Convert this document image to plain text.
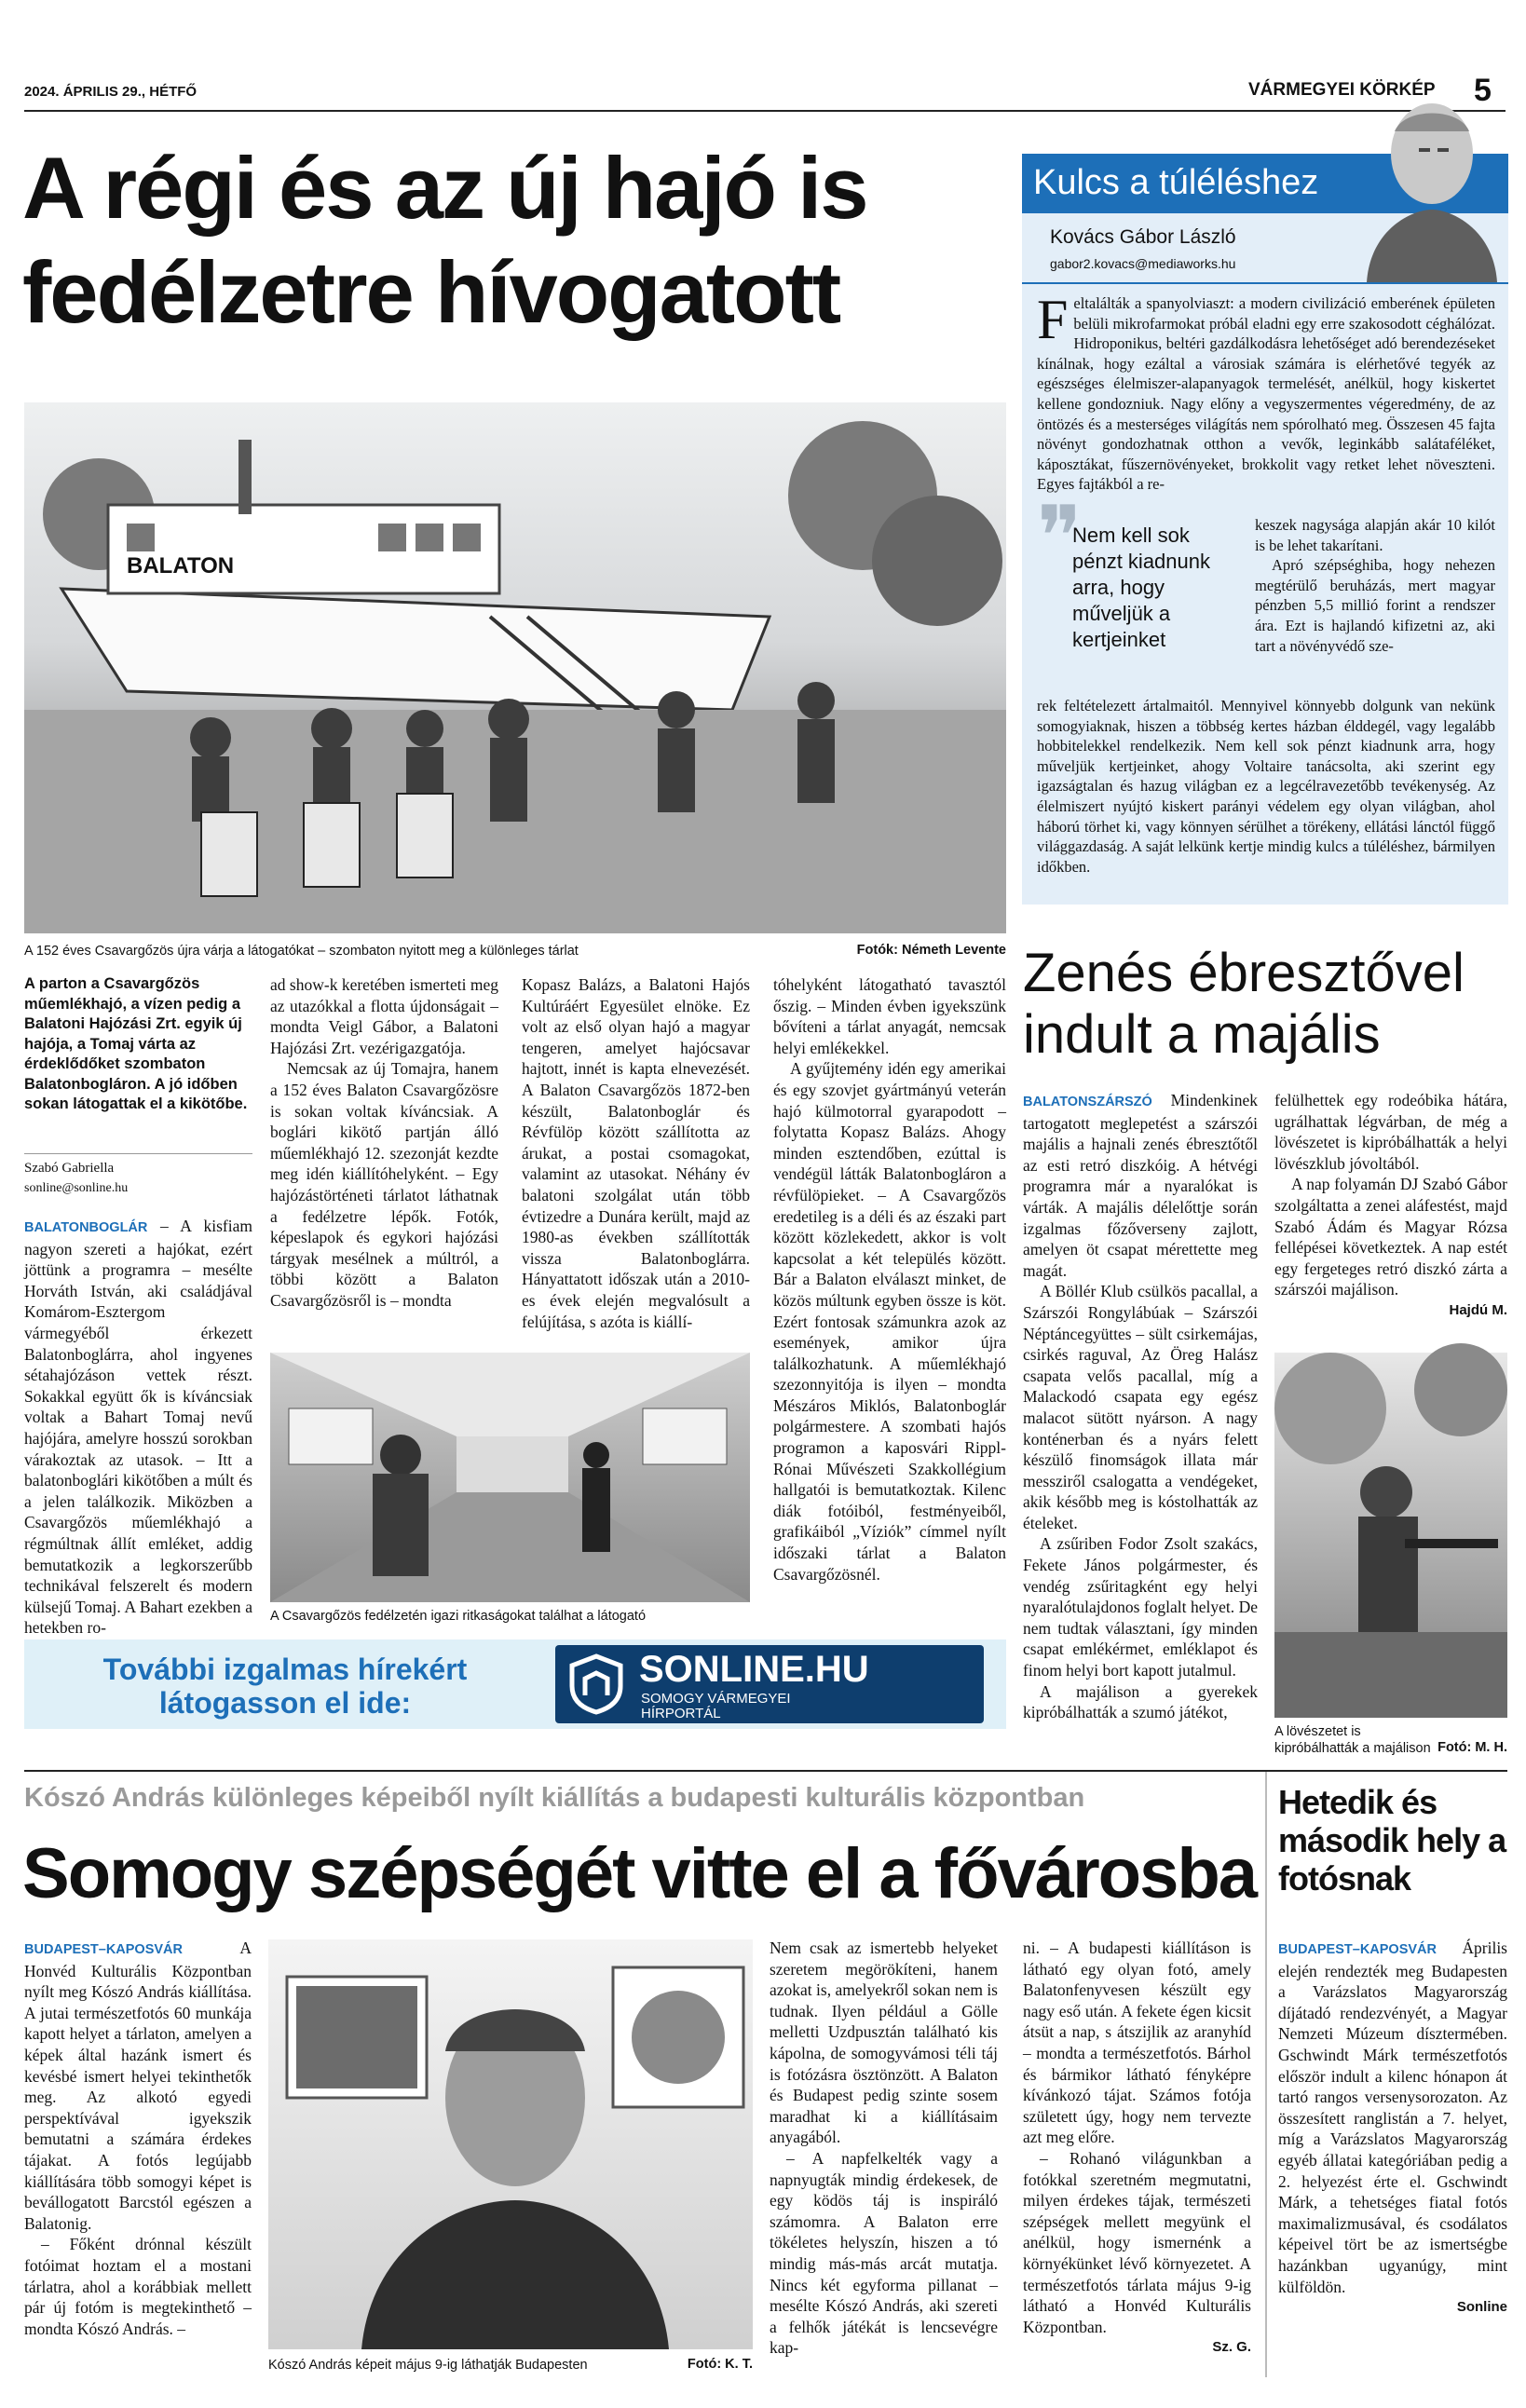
2024. ÁPRILIS 29., HÉTFŐ	VÁRMEGYEI KÖRKÉP 5
A régi és az új hajó is
fedélzetre hívogatott
BALATON
A 152 éves Csavargőzös újra várja a látogatókat – szombaton nyitott meg a különleges tárlat	Fotók: Németh Levente
A parton a Csavargőzös műemlékhajó, a vízen pedig a Balatoni Hajózási Zrt. egyik új hajója, a Tomaj várta az érdeklődőket szombaton Balatonbogláron. A jó időben sokan látogattak el a kikötőbe.
Szabó Gabriella
sonline@sonline.hu

BALATONBOGLÁR – A kisfiam nagyon szereti a hajókat, ezért jöttünk a programra – mesélte Horváth István, aki családjával Komárom-Esztergom vármegyéből érkezett Balatonboglárra, ahol ingyenes sétahajózáson vettek részt. Sokakkal együtt ők is kíváncsiak voltak a Bahart Tomaj nevű hajójára, amelyre hosszú sorokban várakoztak az utasok. – Itt a balatonboglári kikötőben a múlt és a jelen találkozik. Miközben a Csavargőzös műemlékhajó a régmúltnak állít emléket, addig bemutatkozik a legkorszerűbb technikával felszerelt és modern külsejű Tomaj. A Bahart ezekben a hetekben ro-

ad show-k keretében ismerteti meg az utazókkal a flotta újdonságait – mondta Veigl Gábor, a Balatoni Hajózási Zrt. vezérigazgatója.

Nemcsak az új Tomajra, hanem a 152 éves Balaton Csavargőzösre is sokan voltak kíváncsiak. A boglári kikötő partján álló műemlékhajó 12. szezonját kezdte meg idén kiállítóhelyként. – Egy hajózástörténeti tárlatot láthatnak a fedélzetre lépők. Fotók, képeslapok és egykori hajózási tárgyak mesélnek a múltról, a többi között a Balaton Csavargőzösről is – mondta

Kopasz Balázs, a Balatoni Hajós Kultúráért Egyesület elnöke. Ez volt az első olyan hajó a magyar tengeren, amelyet hajócsavar hajtott, innét is kapta elnevezését. A Balaton Csavargőzös 1872-ben készült, Balatonboglár és Révfülöp között szállította az árukat, a postai csomagokat, valamint az utasokat. Néhány év balatoni szolgálat után több évtizedre a Dunára került, majd az 1980-as években szállították vissza Balatonboglárra. Hányattatott időszak után a 2010-es évek elején megvalósult a felújítása, s azóta is kiállí-

tóhelyként látogatható tavasztól őszig. – Minden évben igyekszünk bővíteni a tárlat anyagát, nemcsak helyi emlékekkel.

A gyűjtemény idén egy amerikai és egy szovjet gyártmányú veterán hajó külmotorral gyarapodott – folytatta Kopasz Balázs. Ahogy minden esztendőben, ezúttal is vendégül látták Balatonbogláron a révfülöpieket. – A Csavargőzös eredetileg is a déli és az északi part között közlekedett, akkor is volt kapcsolat a két település között. Bár a Balaton elválaszt minket, de közös múltunk egyben össze is köt. Ezért fontosak számunkra azok az események, amikor újra találkozhatunk. A műemlékhajó szezonnyitója is ilyen – mondta Mészáros Miklós, Balatonboglár polgármestere. A szombati hajós programon a kaposvári Rippl-Rónai Művészeti Szakkollégium hallgatói is bemutatkoztak. Kilenc diák fotóiból, festményeiből, grafikáiból „Víziók” címmel nyílt időszaki tárlat a Balaton Csavargőzösnél.

A Csavargőzös fedélzetén igazi ritkaságokat találhat a látogató
További izgalmas hírekért
látogasson el ide:
SONLINE.HU
SOMOGY VÁRMEGYEI
HÍRPORTÁL
Kulcs a túléléshez
Kovács Gábor László
gabor2.kovacs@mediaworks.hu

Feltalálták a spanyolviaszt: a modern civilizáció emberének épületen belüli mikrofarmokat próbál eladni egy erre szakosodott céghálózat. Hidroponikus, beltéri gazdálkodásra lehetőséget adó berendezéseket kínálnak, hogy ezáltal a városiak számára is elérhetővé tegyék az egészséges élelmiszer-alapanyagok termelését, anélkül, hogy kiskertet kellene gondozniuk. Nagy előny a vegyszermentes végeredmény, de az öntözés és a mesterséges világítás nem spórolható meg. Összesen 45 fajta növényt gondozhatnak otthon a vevők, leginkább salátaféléket, káposztákat, fűszernövényeket, brokkolit vagy retket lehet növeszteni. Egyes fajtákból a re-

❞
Nem kell sok pénzt kiadnunk arra, hogy műveljük a kertjeinket

keszek nagysága alapján akár 10 kilót is be lehet takarítani.

Apró szépséghiba, hogy nehezen megtérülő beruházás, mert magyar pénzben 5,5 millió forint a rendszer ára. Ezt is hajlandó kifizetni az, aki tart a növényvédő sze-

rek feltételezett ártalmaitól. Mennyivel könnyebb dolgunk van nekünk somogyiaknak, hiszen a többség kertes házban élddegél, vagy legalább hobbitelekkel rendelkezik. Nem kell sok pénzt kiadnunk arra, hogy műveljük kertjeinket, ahogy Voltaire tanácsolta, aki szerint egy igazságtalan és hazug világban ez a legcélravezetőbb tevékenység. Az élelmiszert nyújtó kiskert parányi védelem egy olyan világban, ahol háború törhet ki, vagy könnyen sérülhet a törékeny, ellátási lánctól függő világgazdaság. A saját lelkünk kertje mindig kulcs a túléléshez, bármilyen időkben.

Zenés ébresztővel
indult a majális

BALATONSZÁRSZÓ Mindenkinek tartogatott meglepetést a szárszói majális a hajnali zenés ébresztőtől az esti retró diszkóig. A hétvégi programra már a nyaralókat is várták. A majális délelőttje során izgalmas főzőverseny zajlott, amelyen öt csapat mérettette meg magát.

A Böllér Klub csülkös pacallal, a Szárszói Rongylábúak – Szárszói Néptáncegyüttes – sült csirkemájas, csirkés raguval, Az Öreg Halász csapata velős pacallal, míg a Malackodó csapata egy egész malacot sütött nyárson. A nagy konténerban és a nyárs felett készülő finomságok illata már messziről csalogatta a vendégeket, akik később meg is kóstolhatták az ételeket.

A zsűriben Fodor Zsolt szakács, Fekete János polgármester, és vendég zsűritagként egy helyi nyaralótulajdonos foglalt helyet. De nem tudtak választani, így minden csapat emlékérmet, emléklapot és finom helyi bort kapott jutalmul.

A majálison a gyerekek kipróbálhatták a szumó játékot,

felülhettek egy rodeóbika hátára, ugrálhattak légvárban, de még a lövészetet is kipróbálhatták a helyi lövészklub jóvoltából.

A nap folyamán DJ Szabó Gábor szolgáltatta a zenei aláfestést, majd Szabó Ádám és Magyar Rózsa fellépései következtek. A nap estét egy fergeteges retró diszkó zárta a szárszói majálison.

Hajdú M.

A lövészetet is kipróbálhatták a majálison Fotó: M. H.
Kószó András különleges képeiből nyílt kiállítás a budapesti kulturális központban
Somogy szépségét vitte el a fővárosba

BUDAPEST–KAPOSVÁR	A Honvéd Kulturális Központban nyílt meg Kószó András kiállítása. A jutai természetfotós 60 munkája kapott helyet a tárlaton, amelyen a képek által hazánk ismert és kevésbé ismert helyei tekinthetők meg. Az alkotó egyedi perspektívával igyekszik bemutatni a számára érdekes tájakat. A fotós legújabb kiállítására több somogyi képet is bevállogatott Barcstól egészen a Balatonig.

– Főként drónnal készült fotóimat hoztam el a mostani tárlatra, ahol a korábbiak mellett pár új fotóm is megtekinthető – mondta Kószó András. –

Kószó András képeit május 9-ig láthatják Budapesten	Fotó: K. T.

Nem csak az ismertebb helyeket szeretem megörökíteni, hanem azokat is, amelyekről sokan nem is tudnak. Ilyen például a Gölle melletti Uzdpusztán található kis kápolna, de somogyvámosi téli táj is fotózásra ösztönzött. A Balaton és Budapest pedig szinte sosem maradhat ki a kiállításaim anyagából.

– A napfelkelték vagy a napnyugták mindig érdekesek, de egy ködös táj is inspiráló számomra. A Balaton erre tökéletes helyszín, hiszen a tó mindig más-más arcát mutatja. Nincs két egyforma pillanat – mesélte Kószó András, aki szereti a felhők játékát is lencsevégre kap-

ni. – A budapesti kiállításon is látható egy olyan fotó, amely Balatonfenyvesen készült egy nagy eső után. A fekete égen kicsit átsüt a nap, s átszijlik az aranyhíd – mondta a természetfotós. Bárhol és bármikor látható fényképre kívánkozó tájat. Számos fotója született úgy, hogy nem tervezte azt meg előre.

– Rohanó világunkban a fotókkal szeretném megmutatni, milyen érdekes tájak, természeti szépségek mellett megyünk el anélkül, hogy ismernénk a környékünket lévő környezetet. A természetfotós tárlata május 9-ig látható a Honvéd Kulturális Központban.

Sz. G.

Hetedik és második hely a fotósnak

BUDAPEST–KAPOSVÁR Április elején rendezték meg Budapesten a Varázslatos Magyarország díjátadó rendezvényét, a Magyar Nemzeti Múzeum dísztermében. Gschwindt Márk természetfotós először indult a kilenc hónapon át tartó rangos versenysorozaton. Az összesített ranglistán a 7. helyet, míg a Varázslatos Magyarország egyéb állatai kategóriában pedig a 2. helyezést érte el. Gschwindt Márk, a tehetséges fiatal fotós maximalizmusával, és csodálatos képeivel tört be az ismertségbe hazánkban ugyanúgy, mint külföldön.

Sonline
